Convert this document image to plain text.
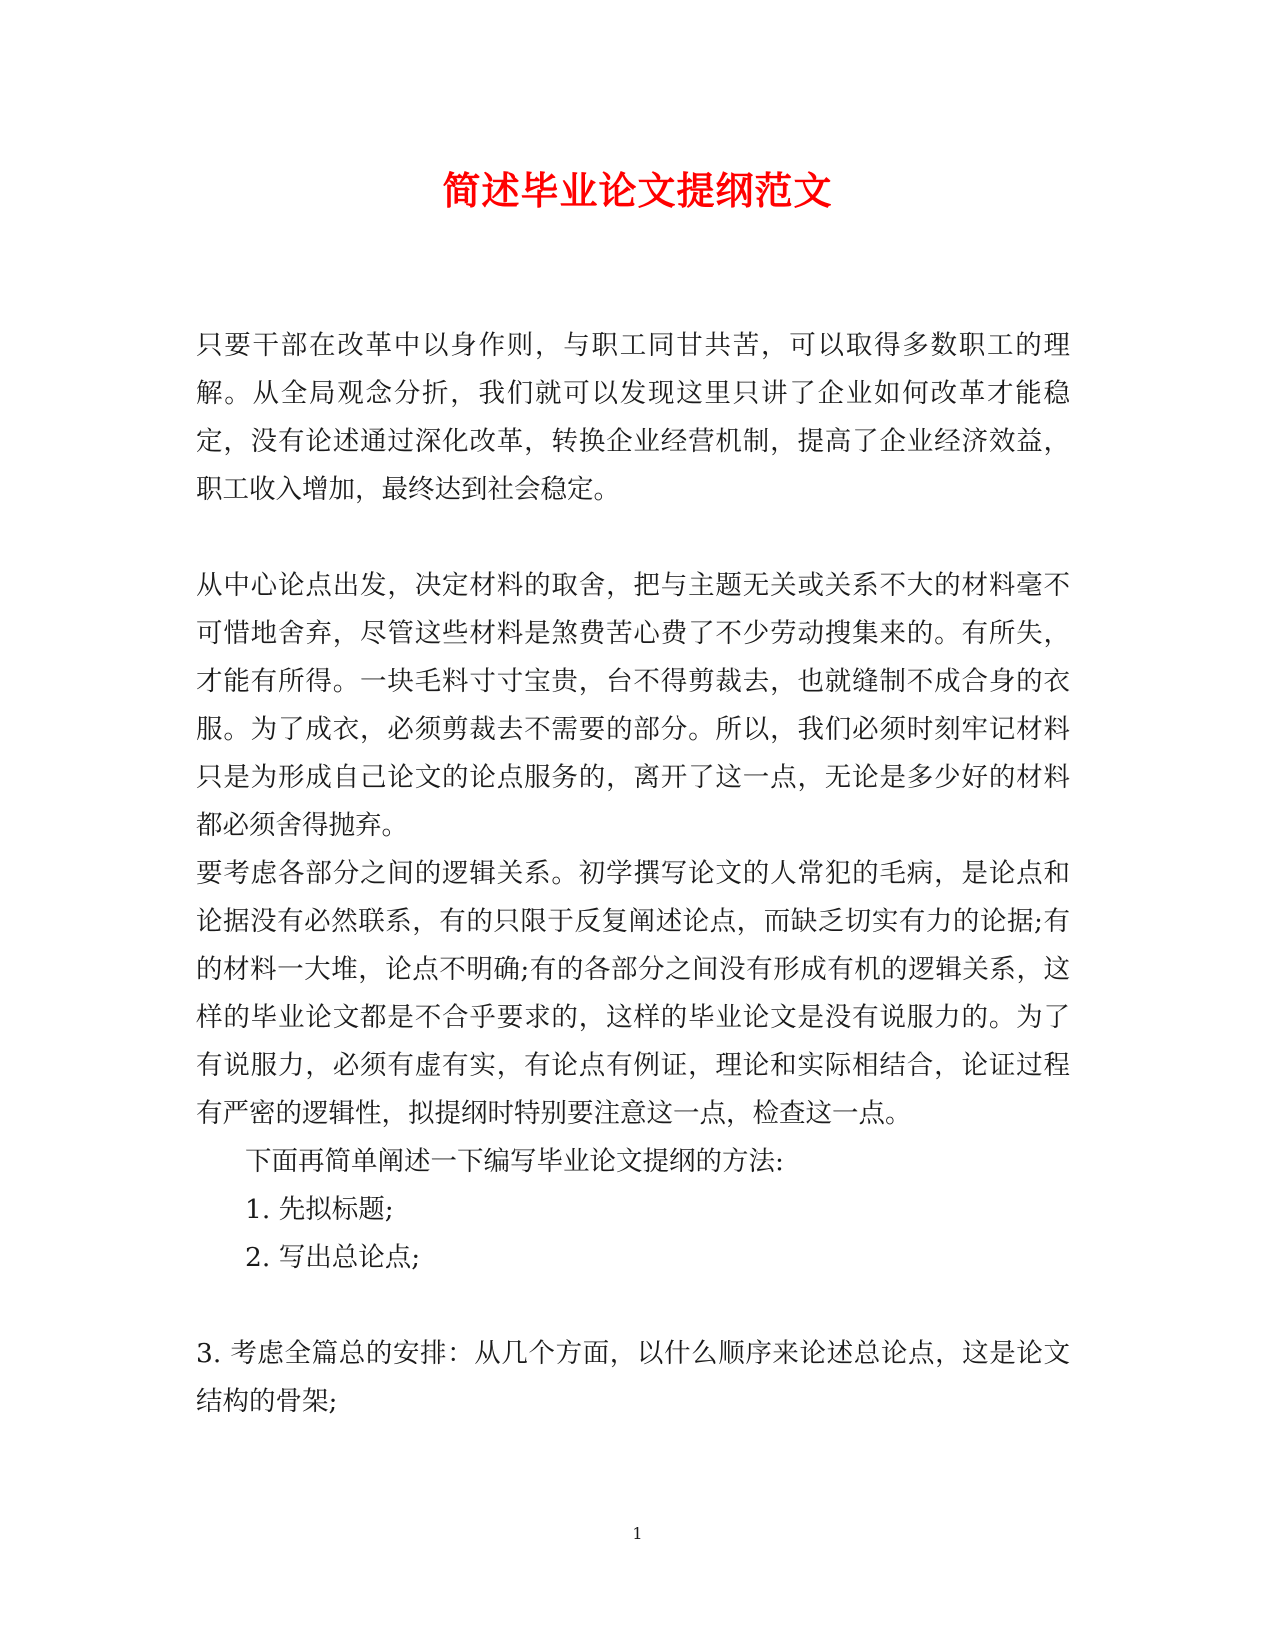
简述毕业论文提纲范文

只要干部在改革中以身作则，与职工同甘共苦，可以取得多数职工的理解。从全局观念分折，我们就可以发现这里只讲了企业如何改革才能稳定，没有论述通过深化改革，转换企业经营机制，提高了企业经济效益，职工收入增加，最终达到社会稳定。

从中心论点出发，决定材料的取舍，把与主题无关或关系不大的材料毫不可惜地舍弃，尽管这些材料是煞费苦心费了不少劳动搜集来的。有所失，才能有所得。一块毛料寸寸宝贵，台不得剪裁去，也就缝制不成合身的衣服。为了成衣，必须剪裁去不需要的部分。所以，我们必须时刻牢记材料只是为形成自己论文的论点服务的，离开了这一点，无论是多少好的材料都必须舍得抛弃。

要考虑各部分之间的逻辑关系。初学撰写论文的人常犯的毛病，是论点和论据没有必然联系，有的只限于反复阐述论点，而缺乏切实有力的论据;有的材料一大堆，论点不明确;有的各部分之间没有形成有机的逻辑关系，这样的毕业论文都是不合乎要求的，这样的毕业论文是没有说服力的。为了有说服力，必须有虚有实，有论点有例证，理论和实际相结合，论证过程有严密的逻辑性，拟提纲时特别要注意这一点，检查这一点。

下面再简单阐述一下编写毕业论文提纲的方法:

1. 先拟标题;

2. 写出总论点;

3. 考虑全篇总的安排：从几个方面，以什么顺序来论述总论点，这是论文结构的骨架;

1
